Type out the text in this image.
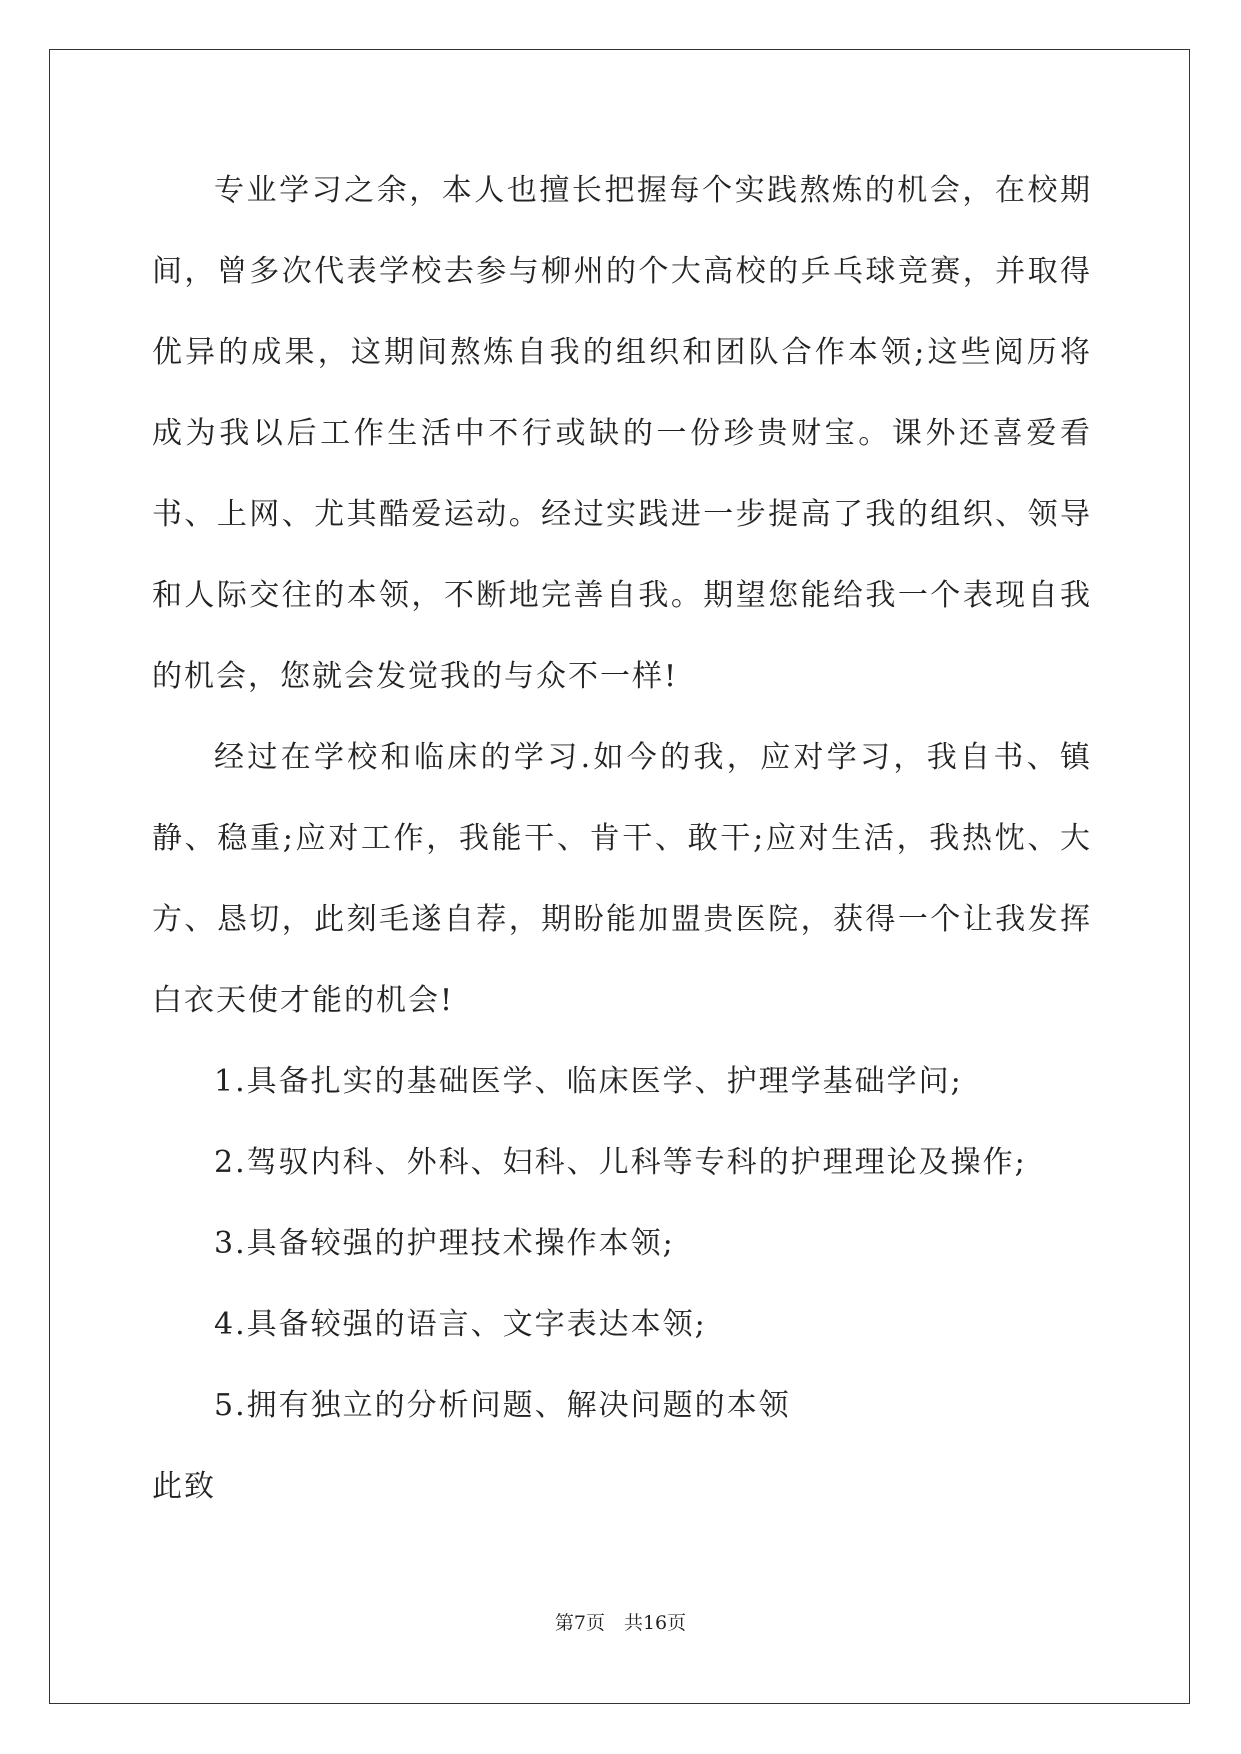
专业学习之余，本人也擅长把握每个实践熬炼的机会，在校期间，曾多次代表学校去参与柳州的个大高校的乒乓球竞赛，并取得优异的成果，这期间熬炼自我的组织和团队合作本领;这些阅历将成为我以后工作生活中不行或缺的一份珍贵财宝。课外还喜爱看书、上网、尤其酷爱运动。经过实践进一步提高了我的组织、领导和人际交往的本领，不断地完善自我。期望您能给我一个表现自我的机会，您就会发觉我的与众不一样!

经过在学校和临床的学习.如今的我，应对学习，我自书、镇静、稳重;应对工作，我能干、肯干、敢干;应对生活，我热忱、大方、恳切，此刻毛遂自荐，期盼能加盟贵医院，获得一个让我发挥白衣天使才能的机会!

1.具备扎实的基础医学、临床医学、护理学基础学问;

2.驾驭内科、外科、妇科、儿科等专科的护理理论及操作;

3.具备较强的护理技术操作本领;

4.具备较强的语言、文字表达本领;

5.拥有独立的分析问题、解决问题的本领

此致

第7页　共16页
